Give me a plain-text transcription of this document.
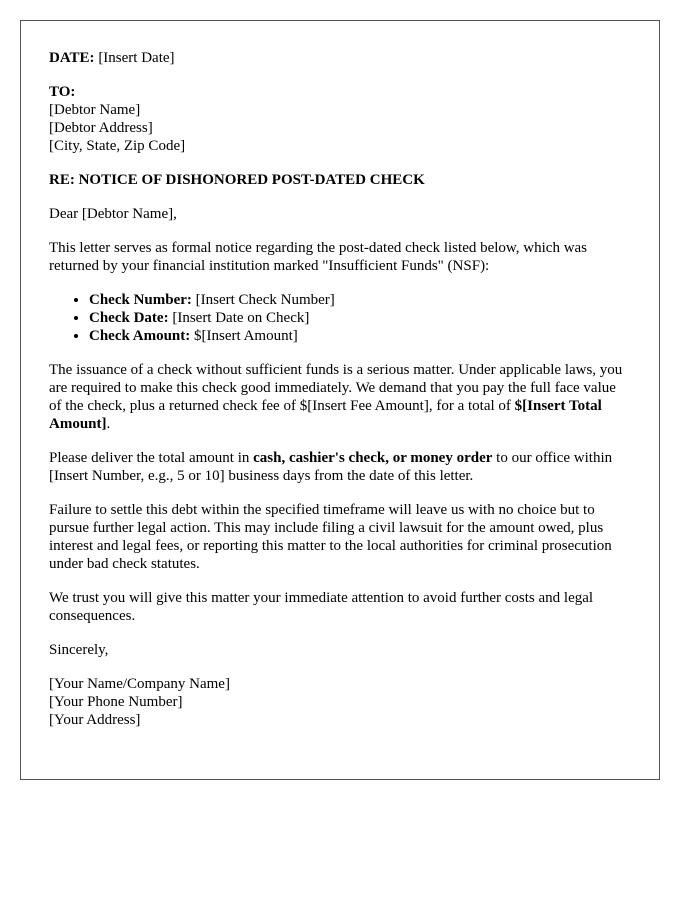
DATE: [Insert Date]
TO:
[Debtor Name]
[Debtor Address]
[City, State, Zip Code]
RE: NOTICE OF DISHONORED POST-DATED CHECK

Dear [Debtor Name],

This letter serves as formal notice regarding the post-dated check listed below, which was returned by your financial institution marked "Insufficient Funds" (NSF):

• Check Number: [Insert Check Number]
• Check Date: [Insert Date on Check]
• Check Amount: $[Insert Amount]

The issuance of a check without sufficient funds is a serious matter. Under applicable laws, you are required to make this check good immediately. We demand that you pay the full face value of the check, plus a returned check fee of $[Insert Fee Amount], for a total of $[Insert Total Amount].

Please deliver the total amount in cash, cashier's check, or money order to our office within [Insert Number, e.g., 5 or 10] business days from the date of this letter.

Failure to settle this debt within the specified timeframe will leave us with no choice but to pursue further legal action. This may include filing a civil lawsuit for the amount owed, plus interest and legal fees, or reporting this matter to the local authorities for criminal prosecution under bad check statutes.

We trust you will give this matter your immediate attention to avoid further costs and legal consequences.

Sincerely,

[Your Name/Company Name]
[Your Phone Number]
[Your Address]
